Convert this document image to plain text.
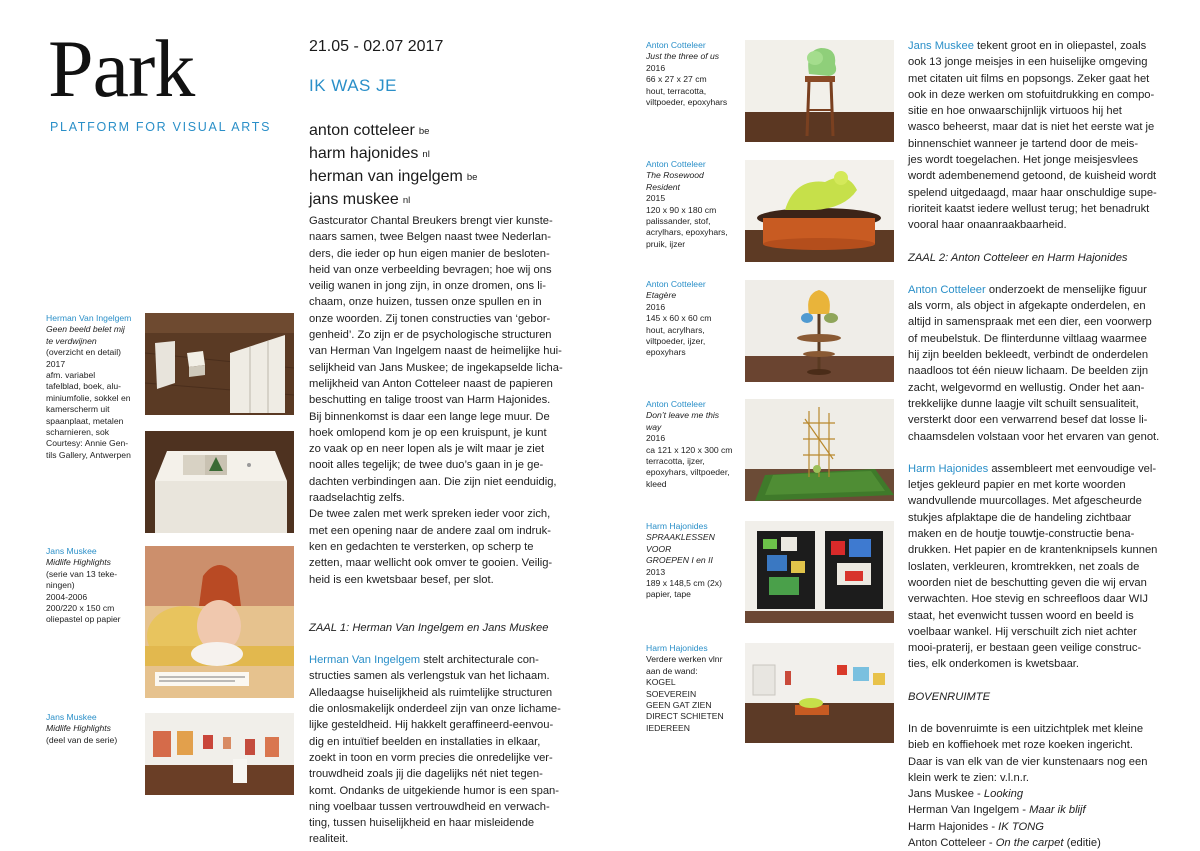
Park
PLATFORM FOR VISUAL ARTS
21.05 - 02.07 2017
IK WAS JE
anton cotteleer $^{be}$
harm hajonides $^{nl}$
herman van ingelgem $^{be}$
jans muskee $^{nl}$
Gastcurator Chantal Breukers brengt vier kunste-
naars samen, twee Belgen naast twee Nederlan-
ders, die ieder op hun eigen manier de besloten-
heid van onze verbeelding bevragen; hoe wij ons
veilig wanen in jong zijn, in onze dromen, ons li-
chaam, onze huizen, tussen onze spullen en in
onze woorden. Zij tonen constructies van ‘gebor-
genheid’. Zo zijn er de psychologische structuren
van Herman Van Ingelgem naast de heimelijke hui-
selijkheid van Jans Muskee; de ingekapselde licha-
melijkheid van Anton Cotteleer naast de papieren
beschutting en talige troost van Harm Hajonides.
Bij binnenkomst is daar een lange lege muur. De
hoek omlopend kom je op een kruispunt, je kunt
zo vaak op en neer lopen als je wilt maar je ziet
nooit alles tegelijk; de twee duo’s gaan in je ge-
dachten verbindingen aan. Die zijn niet eenduidig,
raadselachtig zelfs.
De twee zalen met werk spreken ieder voor zich,
met een opening naar de andere zaal om indruk-
ken en gedachten te versterken, op scherp te
zetten, maar wellicht ook omver te gooien. Veilig-
heid is een kwetsbaar besef, per slot.
ZAAL 1: Herman Van Ingelgem en Jans Muskee
Herman Van Ingelgem stelt architecturale con-
structies samen als verlengstuk van het lichaam.
Alledaagse huiselijkheid als ruimtelijke structuren
die onlosmakelijk onderdeel zijn van onze lichame-
lijke gesteldheid. Hij hakkelt geraffineerd-eenvou-
dig en intuïtief beelden en installaties in elkaar,
zoekt in toon en vorm precies die onredelijke ver-
trouwdheid zoals jij die dagelijks nét niet tegen-
komt. Ondanks de uitgekiende humor is een span-
ning voelbaar tussen vertrouwdheid en verwach-
ting, tussen huiselijkheid en haar misleidende
realiteit.
Jans Muskee tekent groot en in oliepastel, zoals
ook 13 jonge meisjes in een huiselijke omgeving
met citaten uit films en popsongs. Zeker gaat het
ook in deze werken om stofuitdrukking en compo-
sitie en hoe onwaarschijnlijk virtuoos hij het
wasco beheerst, maar dat is niet het eerste wat je
binnenschiet wanneer je tartend door de meis-
jes wordt toegelachen. Het jonge meisjesvlees
wordt adembenemend getoond, de kuisheid wordt
spelend uitgedaagd, maar haar onschuldige supe-
rioriteit kaatst iedere wellust terug; het benadrukt
vooral haar onaanraakbaarheid.
ZAAL 2: Anton Cotteleer en Harm Hajonides
Anton Cotteleer onderzoekt de menselijke figuur
als vorm, als object in afgekapte onderdelen, en
altijd in samenspraak met een dier, een voorwerp
of meubelstuk. De flinterdunne viltlaag waarmee
hij zijn beelden bekleedt, verbindt de onderdelen
naadloos tot één nieuw lichaam. De beelden zijn
zacht, welgevormd en wellustig. Onder het aan-
trekkelijke dunne laagje vilt schuilt sensualiteit,
versterkt door een verwarrend besef dat losse li-
chaamsdelen volstaan voor het ervaren van genot.
Harm Hajonides assembleert met eenvoudige vel-
letjes gekleurd papier en met korte woorden
wandvullende muurcollages. Met afgescheurde
stukjes afplaktape die de handeling zichtbaar
maken en de houtje touwtje-constructie bena-
drukken. Het papier en de krantenknipsels kunnen
loslaten, verkleuren, kromtrekken, net zoals de
woorden niet de beschutting geven die wij ervan
verwachten. Hoe stevig en schreefloos daar WIJ
staat, het evenwicht tussen woord en beeld is
voelbaar wankel. Hij verschuilt zich niet achter
mooi-praterij, er bestaan geen veilige construc-
ties, elk onderkomen is kwetsbaar.
BOVENRUIMTE
In de bovenruimte is een uitzichtplek met kleine
bieb en koffiehoek met roze koeken ingericht.
Daar is van elk van de vier kunstenaars nog een
klein werk te zien: v.l.n.r.
Jans Muskee - Looking
Herman Van Ingelgem - Maar ik blijf
Harm Hajonides - IK TONG
Anton Cotteleer - On the carpet (editie)
Herman Van Ingelgem
Geen beeld belet mij
te verdwijnen
(overzicht en detail)
2017
afm. variabel
tafelblad, boek, alu-
miniumfolie, sokkel en
kamerscherm uit
spaanplaat, metalen
scharnieren, sok
Courtesy: Annie Gen-
tils Gallery, Antwerpen
Jans Muskee
Midlife Highlights
(serie van 13 teke-
ningen)
2004-2006
200/220 x 150 cm
oliepastel op papier
Jans Muskee
Midlife Highlights
(deel van de serie)
Anton Cotteleer
Just the three of us
2016
66 x 27 x 27 cm
hout, terracotta,
viltpoeder, epoxyhars
Anton Cotteleer
The Rosewood
Resident
2015
120 x 90 x 180 cm
palissander, stof,
acrylhars, epoxyhars,
pruik, ijzer
Anton Cotteleer
Etagère
2016
145 x 60 x 60 cm
hout, acrylhars,
viltpoeder, ijzer,
epoxyhars
Anton Cotteleer
Don’t leave me this
way
2016
ca 121 x 120 x 300 cm
terracotta, ijzer,
epoxyhars, viltpoeder,
kleed
Harm Hajonides
SPRAAKLESSEN VOOR
GROEPEN I en II
2013
189 x 148,5 cm (2x)
papier, tape
Harm Hajonides
Verdere werken vlnr
aan de wand:
KOGEL
SOEVEREIN
GEEN GAT ZIEN
DIRECT SCHIETEN
IEDEREEN
